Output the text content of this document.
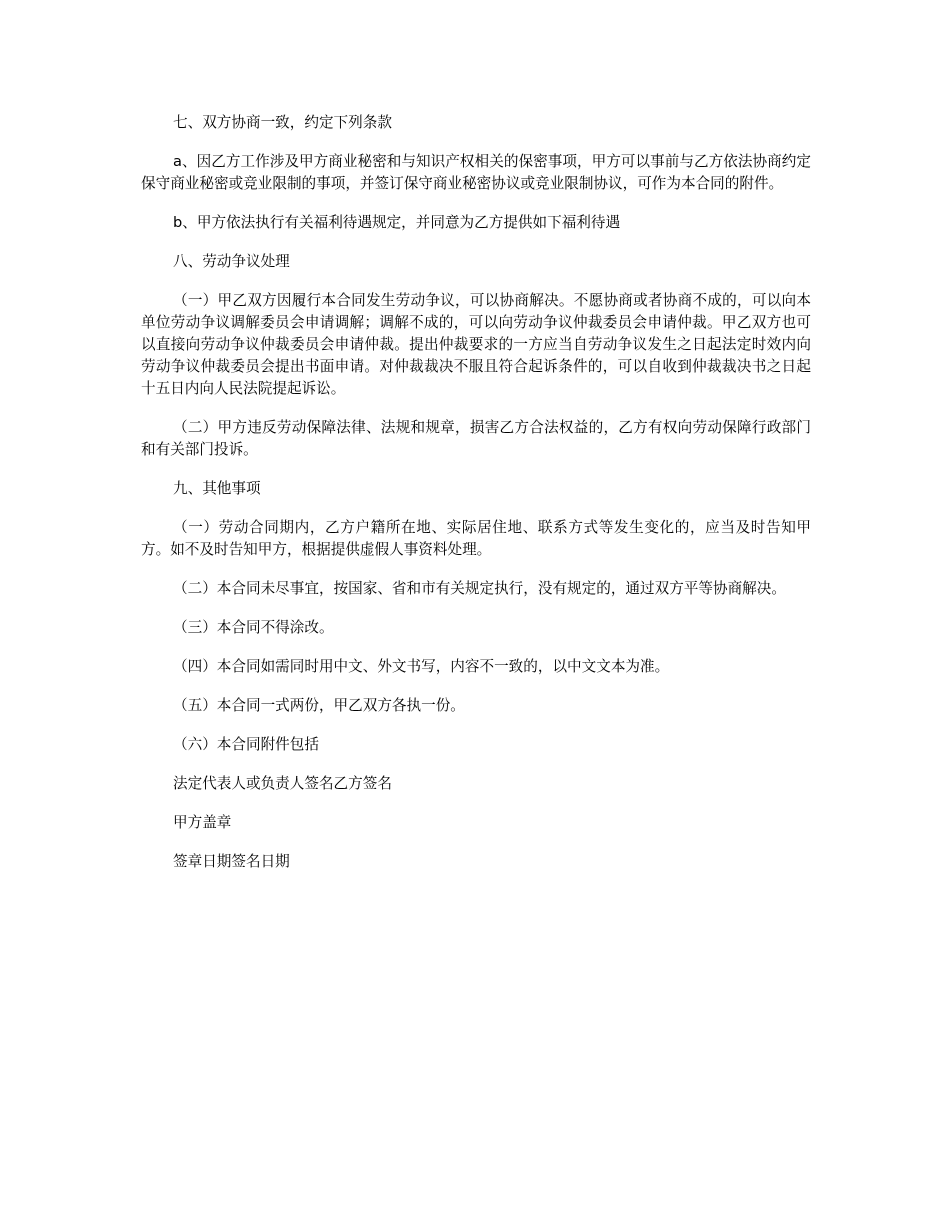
七、双方协商一致，约定下列条款

a、因乙方工作涉及甲方商业秘密和与知识产权相关的保密事项，甲方可以事前与乙方依法协商约定保守商业秘密或竞业限制的事项，并签订保守商业秘密协议或竞业限制协议，可作为本合同的附件。

b、甲方依法执行有关福利待遇规定，并同意为乙方提供如下福利待遇

八、劳动争议处理

（一）甲乙双方因履行本合同发生劳动争议，可以协商解决。不愿协商或者协商不成的，可以向本单位劳动争议调解委员会申请调解；调解不成的，可以向劳动争议仲裁委员会申请仲裁。甲乙双方也可以直接向劳动争议仲裁委员会申请仲裁。提出仲裁要求的一方应当自劳动争议发生之日起法定时效内向劳动争议仲裁委员会提出书面申请。对仲裁裁决不服且符合起诉条件的，可以自收到仲裁裁决书之日起十五日内向人民法院提起诉讼。

（二）甲方违反劳动保障法律、法规和规章，损害乙方合法权益的，乙方有权向劳动保障行政部门和有关部门投诉。

九、其他事项

（一）劳动合同期内，乙方户籍所在地、实际居住地、联系方式等发生变化的，应当及时告知甲方。如不及时告知甲方，根据提供虚假人事资料处理。

（二）本合同未尽事宜，按国家、省和市有关规定执行，没有规定的，通过双方平等协商解决。

（三）本合同不得涂改。

（四）本合同如需同时用中文、外文书写，内容不一致的，以中文文本为准。

（五）本合同一式两份，甲乙双方各执一份。

（六）本合同附件包括

法定代表人或负责人签名乙方签名

甲方盖章

签章日期签名日期
